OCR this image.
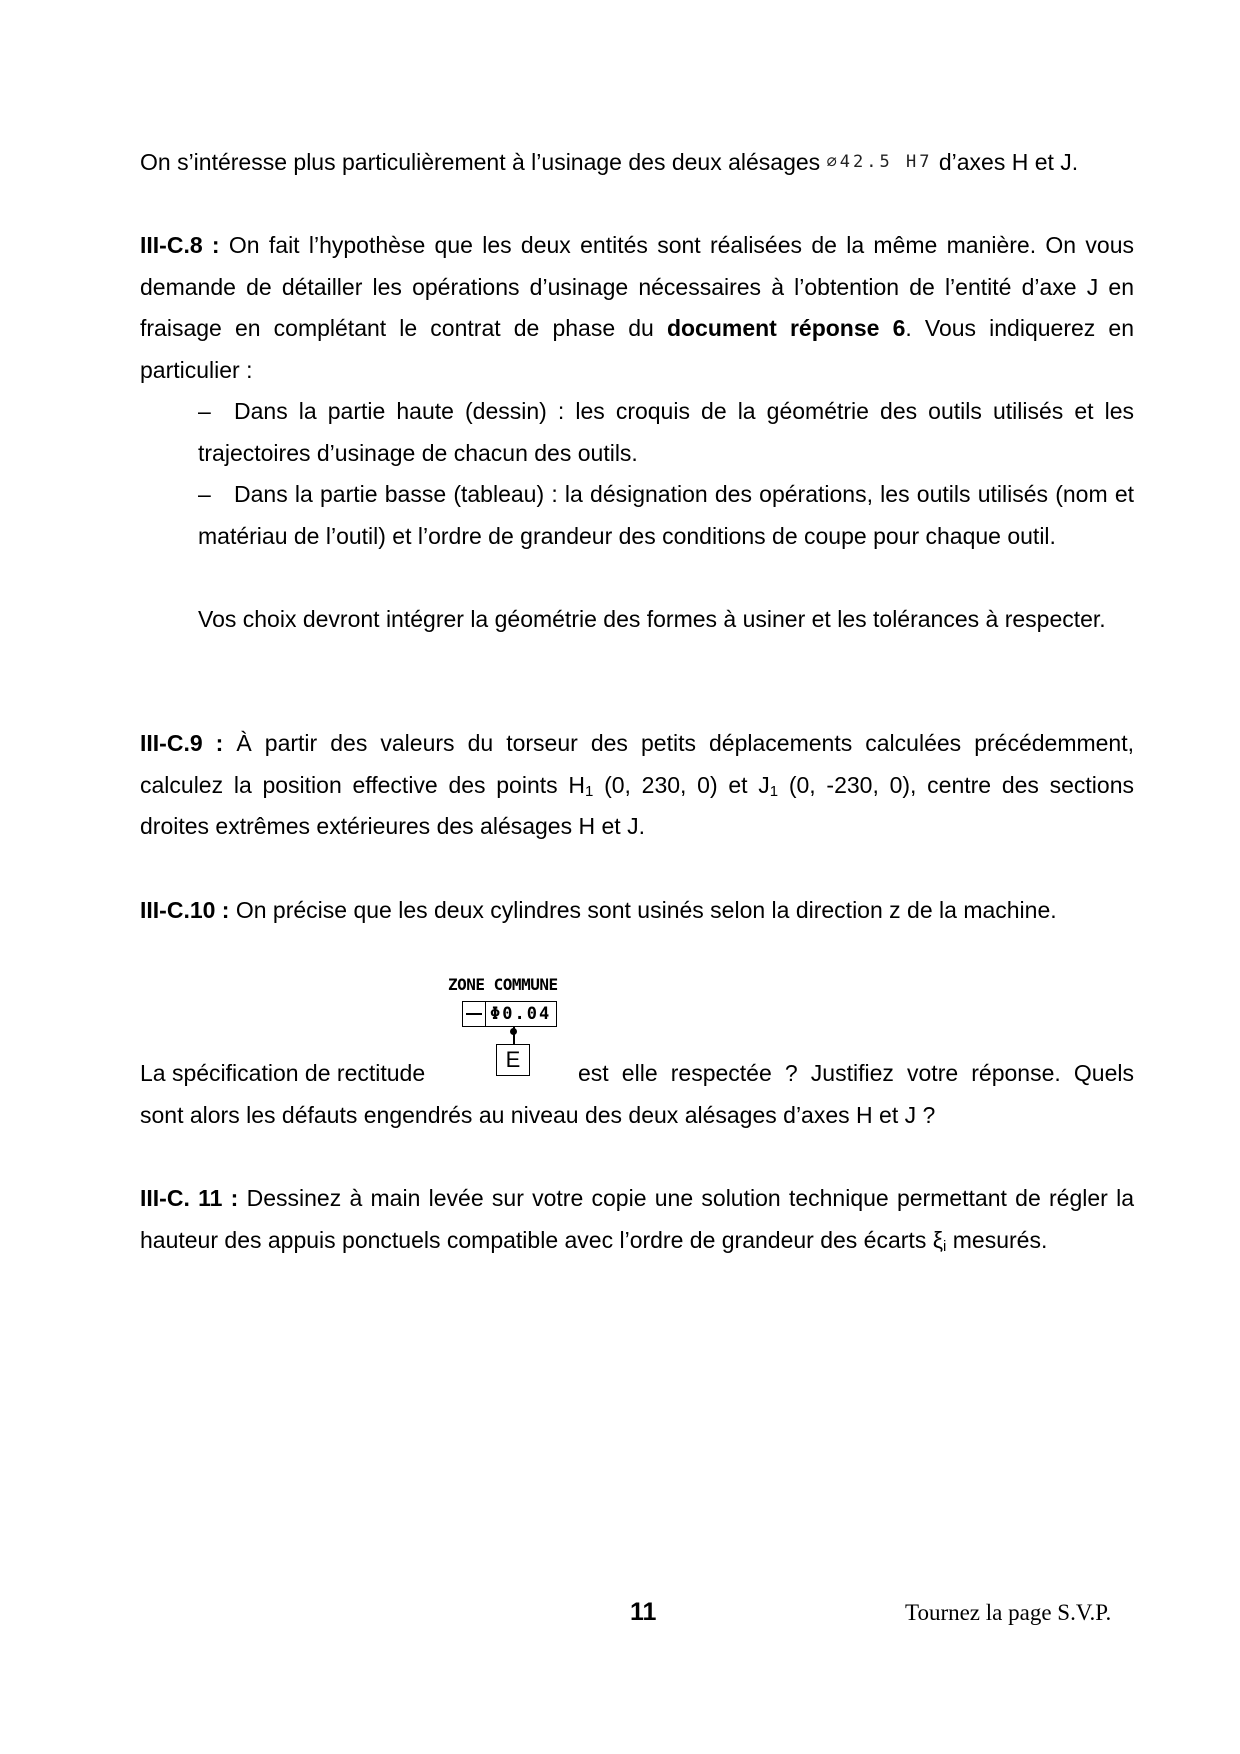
On s’intéresse plus particulièrement à l’usinage des deux alésages ∅42.5 H7 d’axes H et J.
III-C.8 : On fait l’hypothèse que les deux entités sont réalisées de la même manière. On vous demande de détailler les opérations d’usinage nécessaires à l’obtention de l’entité d’axe J en fraisage en complétant le contrat de phase du document réponse 6. Vous indiquerez en particulier :
– Dans la partie haute (dessin) : les croquis de la géométrie des outils utilisés et les trajectoires d’usinage de chacun des outils.
– Dans la partie basse (tableau) : la désignation des opérations, les outils utilisés (nom et matériau de l’outil) et l’ordre de grandeur des conditions de coupe pour chaque outil.
Vos choix devront intégrer la géométrie des formes à usiner et les tolérances à respecter.
III-C.9 : À partir des valeurs du torseur des petits déplacements calculées précédemment, calculez la position effective des points $H_1$ (0, 230, 0) et $J_1$ (0, -230, 0), centre des sections droites extrêmes extérieures des alésages H et J.
III-C.10 : On précise que les deux cylindres sont usinés selon la direction z de la machine.
La spécification de rectitude	est elle respectée ? Justifiez votre réponse. Quels
sont alors les défauts engendrés au niveau des deux alésages d’axes H et J ?
ZONE COMMUNE
Φ0.04
E
III-C. 11 : Dessinez à main levée sur votre copie une solution technique permettant de régler la hauteur des appuis ponctuels compatible avec l’ordre de grandeur des écarts $\xi_i$ mesurés.
11	Tournez la page S.V.P.
